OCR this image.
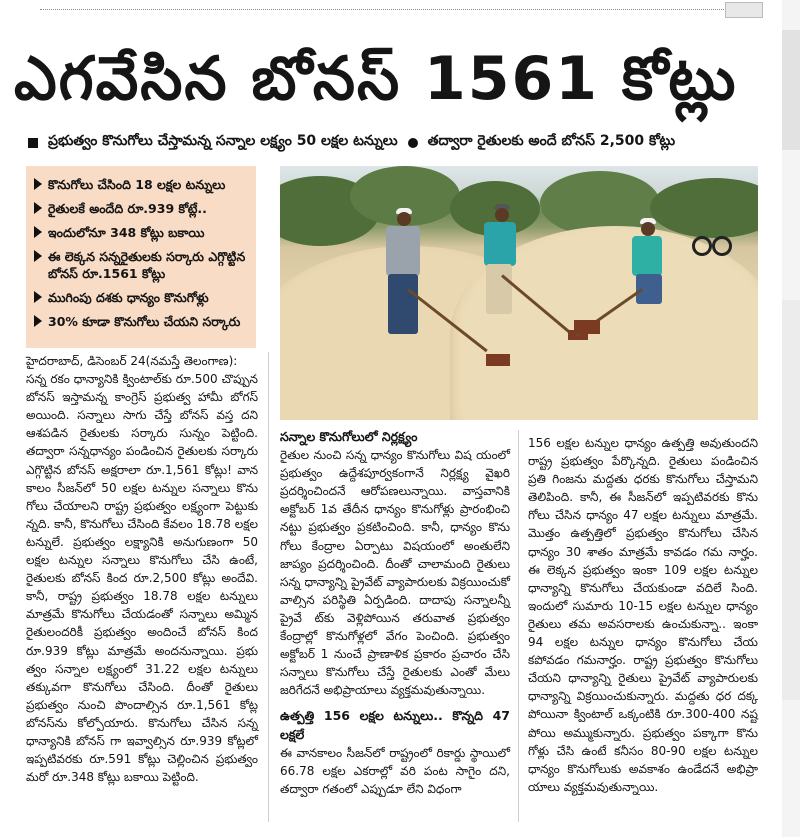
ఎగవేసిన బోనస్ 1561 కోట్లు
ప్రభుత్వం కొనుగోలు చేస్తామన్న సన్నాల లక్ష్యం 50 లక్షల టన్నులు తద్వారా రైతులకు అందే బోనస్ 2,500 కోట్లు
కొనుగోలు చేసింది 18 లక్షల టన్నులు
రైతులకే అందేది రూ.939 కోట్లే..
ఇందులోనూ 348 కోట్లు బకాయి
ఈ లెక్కన సన్నరైతులకు సర్కారు ఎగ్గొట్టిన బోనస్ రూ.1561 కోట్లు
ముగింపు దశకు ధాన్యం కొనుగోళ్లు
30% కూడా కొనుగోలు చేయని సర్కారు

హైదరాబాద్, డిసెంబర్ 24(నమస్తే తెలంగాణ):

సన్న రకం ధాన్యానికి క్వింటాల్‌కు రూ.500 చొప్పున బోనస్ ఇస్తామన్న కాంగ్రెస్ ప్రభుత్వ హామీ బోగస్ అయింది. సన్నాలు సాగు చేస్తే బోనస్ వస్త దని ఆశపడిన రైతులకు సర్కారు సున్నం పెట్టింది. తద్వారా సన్నధాన్యం పండించిన రైతులకు సర్కారు ఎగ్గొట్టిన బోనస్ అక్షరాలా రూ.1,561 కోట్లు! వాన కాలం సీజన్‌లో 50 లక్షల టన్నుల సన్నాలు కొను గోలు చేయాలని రాష్ట్ర ప్రభుత్వం లక్ష్యంగా పెట్టుకు న్నది. కానీ, కొనుగోలు చేసింది కేవలం 18.78 లక్షల టన్నులే. ప్రభుత్వం లక్ష్యానికి అనుగుణంగా 50 లక్షల టన్నుల సన్నాలు కొనుగోలు చేసి ఉంటే, రైతులకు బోనస్ కింద రూ.2,500 కోట్లు అందేవి. కానీ, రాష్ట్ర ప్రభుత్వం 18.78 లక్షల టన్నులు మాత్రమే కొనుగోలు చేయడంతో సన్నాలు అమ్మిన రైతులందరికీ ప్రభుత్వం అందించే బోనస్ కింద రూ.939 కోట్లు మాత్రమే అందనున్నాయి. ప్రభు త్వం సన్నాల లక్ష్యంలో 31.22 లక్షల టన్నులు తక్కువగా కొనుగోలు చేసింది. దీంతో రైతులు ప్రభుత్వం నుంచి పొందాల్సిన రూ.1,561 కోట్ల బోనస్‌ను కోల్పోయారు. కొనుగోలు చేసిన సన్న ధాన్యానికి బోనస్ గా ఇవ్వాల్సిన రూ.939 కోట్లలో ఇప్పటివరకు రూ.591 కోట్లు చెల్లించిన ప్రభుత్వం మరో రూ.348 కోట్లు బకాయి పెట్టింది.

సన్నాల కొనుగోలులో నిర్లక్ష్యం

రైతుల నుంచి సన్న ధాన్యం కొనుగోలు విష యంలో ప్రభుత్వం ఉద్దేశపూర్వకంగానే నిర్లక్ష్య వైఖరి ప్రదర్శించిందనే ఆరోపణలున్నాయి. వాస్తవానికి అక్టోబర్ 1వ తేదీన ధాన్యం కొనుగోళ్లు ప్రారంభించి నట్టు ప్రభుత్వం ప్రకటించింది. కానీ, ధాన్యం కొను గోలు కేంద్రాల ఏర్పాటు విషయంలో అంతులేని జాప్యం ప్రదర్శించింది. దీంతో చాలామంది రైతులు సన్న ధాన్యాన్ని ప్రైవేట్ వ్యాపారులకు విక్రయించుకో వాల్సిన పరిస్థితి ఏర్పడింది. దాదాపు సన్నాలన్నీ ప్రైవే ట్‌కు వెళ్లిపోయిన తరువాత ప్రభుత్వం కేంద్రాల్లో కొనుగోళ్లలో వేగం పెంచింది. ప్రభుత్వం అక్టోబర్ 1 నుంచే ప్రాణాళిక ప్రకారం ప్రచారం చేసి సన్నాలు కొనుగోలు చేస్తే రైతులకు ఎంతో మేలు జరిగేదనే అభిప్రాయాలు వ్యక్తమవుతున్నాయి.

ఉత్పత్తి 156 లక్షల టన్నులు.. కొన్నది 47 లక్షలే

ఈ వానకాలం సీజన్‌లో రాష్ట్రంలో రికార్డు స్థాయిలో 66.78 లక్షల ఎకరాల్లో వరి పంట సాగైం దని, తద్వారా గతంలో ఎప్పుడూ లేని విధంగా

156 లక్షల టన్నుల ధాన్యం ఉత్పత్తి అవుతుందని రాష్ట్ర ప్రభుత్వం పేర్కొన్నది. రైతులు పండించిన ప్రతి గింజను మద్దతు ధరకు కొనుగోలు చేస్తామని తెలిపింది. కానీ, ఈ సీజన్‌లో ఇప్పటివరకు కొను గోలు చేసిన ధాన్యం 47 లక్షల టన్నులు మాత్రమే. మొత్తం ఉత్పత్తిలో ప్రభుత్వం కొనుగోలు చేసిన ధాన్యం 30 శాతం మాత్రమే కావడం గమ నార్హం. ఈ లెక్కన ప్రభుత్వం ఇంకా 109 లక్షల టన్నుల ధాన్యాన్ని కొనుగోలు చేయకుండా వదిలే సింది. ఇందులో సుమారు 10-15 లక్షల టన్నుల ధాన్యం రైతులు తమ అవసరాలకు ఉంచుకున్నా.. ఇంకా 94 లక్షల టన్నుల ధాన్యం కొనుగోలు చేయ కపోవడం గమనార్హం. రాష్ట్ర ప్రభుత్వం కొనుగోలు చేయని ధాన్యాన్ని రైతులు ప్రైవేట్ వ్యాపారులకు ధాన్యాన్ని విక్రయించుకున్నారు. మద్దతు ధర దక్క పోయినా క్వింటాల్ ఒక్కంటికి రూ.300-400 నష్ట పోయి అమ్ముకున్నారు. ప్రభుత్వం పక్కాగా కొను గోళ్లు చేసి ఉంటే కనీసం 80-90 లక్షల టన్నుల ధాన్యం కొనుగోలుకు అవకాశం ఉండేదనే అభిప్రా యాలు వ్యక్తమవుతున్నాయి.
